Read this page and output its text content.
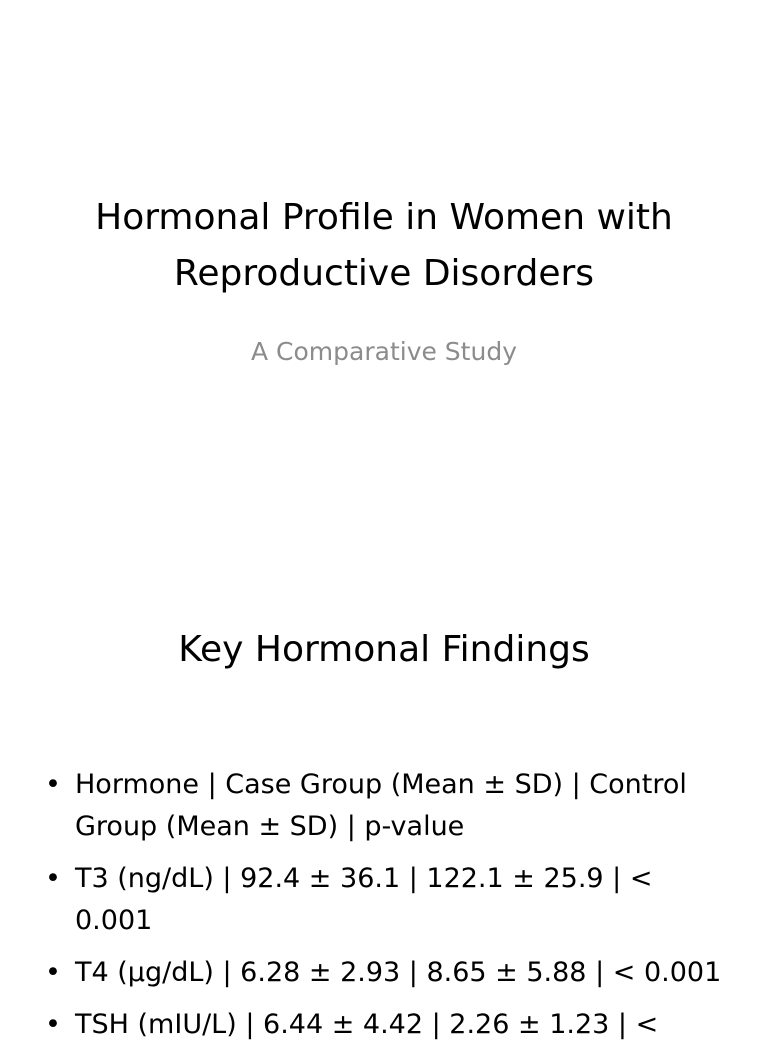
Hormonal Profile in Women with Reproductive Disorders
A Comparative Study
Key Hormonal Findings
• Hormone | Case Group (Mean ± SD) | Control Group (Mean ± SD) | p-value
• T3 (ng/dL) | 92.4 ± 36.1 | 122.1 ± 25.9 | < 0.001
• T4 (µg/dL) | 6.28 ± 2.93 | 8.65 ± 5.88 | < 0.001
• TSH (mIU/L) | 6.44 ± 4.42 | 2.26 ± 1.23 | <
